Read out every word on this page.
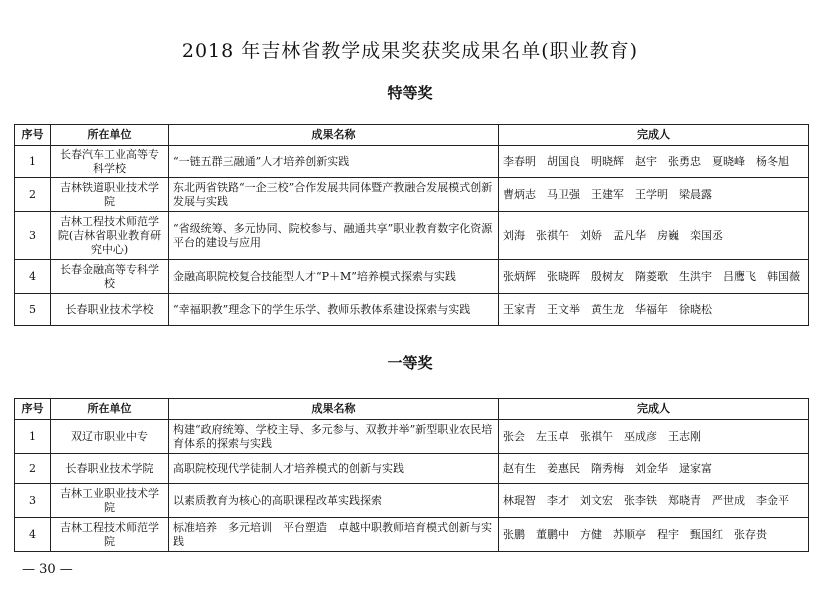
2018 年吉林省教学成果奖获奖成果名单(职业教育)
特等奖
序号	所在单位	成果名称	完成人
1	长春汽车工业高等专科学校	“一链五群三融通”人才培养创新实践	李春明　胡国良　明晓辉　赵宇　张勇忠　夏晓峰　杨冬旭
2	吉林铁道职业技术学院	东北两省铁路“一企三校”合作发展共同体暨产教融合发展模式创新发展与实践	曹炳志　马卫强　王建军　王学明　梁晨露
3	吉林工程技术师范学院(吉林省职业教育研究中心)	“省级统筹、多元协同、院校参与、融通共享”职业教育数字化资源平台的建设与应用	刘海　张祺午　刘娇　孟凡华　房巍　栾国丞
4	长春金融高等专科学校	金融高职院校复合技能型人才“P＋M”培养模式探索与实践	张炳辉　张晓晖　殷树友　隋菱歌　生洪宇　吕鹰飞　韩国薇
5	长春职业技术学校	“幸福职教”理念下的学生乐学、教师乐教体系建设探索与实践	王家青　王文举　黄生龙　华福年　徐晓松
一等奖
序号	所在单位	成果名称	完成人
1	双辽市职业中专	构建“政府统筹、学校主导、多元参与、双教并举”新型职业农民培育体系的探索与实践	张会　左玉卓　张祺午　巫成彦　王志刚
2	长春职业技术学院	高职院校现代学徒制人才培养模式的创新与实践	赵有生　姜惠民　隋秀梅　刘金华　逯家富
3	吉林工业职业技术学院	以素质教育为核心的高职课程改革实践探索	林琨智　李才　刘文宏　张李铁　郑晓青　严世成　李金平
4	吉林工程技术师范学院	标准培养　多元培训　平台塑造　卓越中职教师培育模式创新与实践	张鹏　董鹏中　方健　苏顺亭　程宇　甄国红　张存贵
— 30 —
